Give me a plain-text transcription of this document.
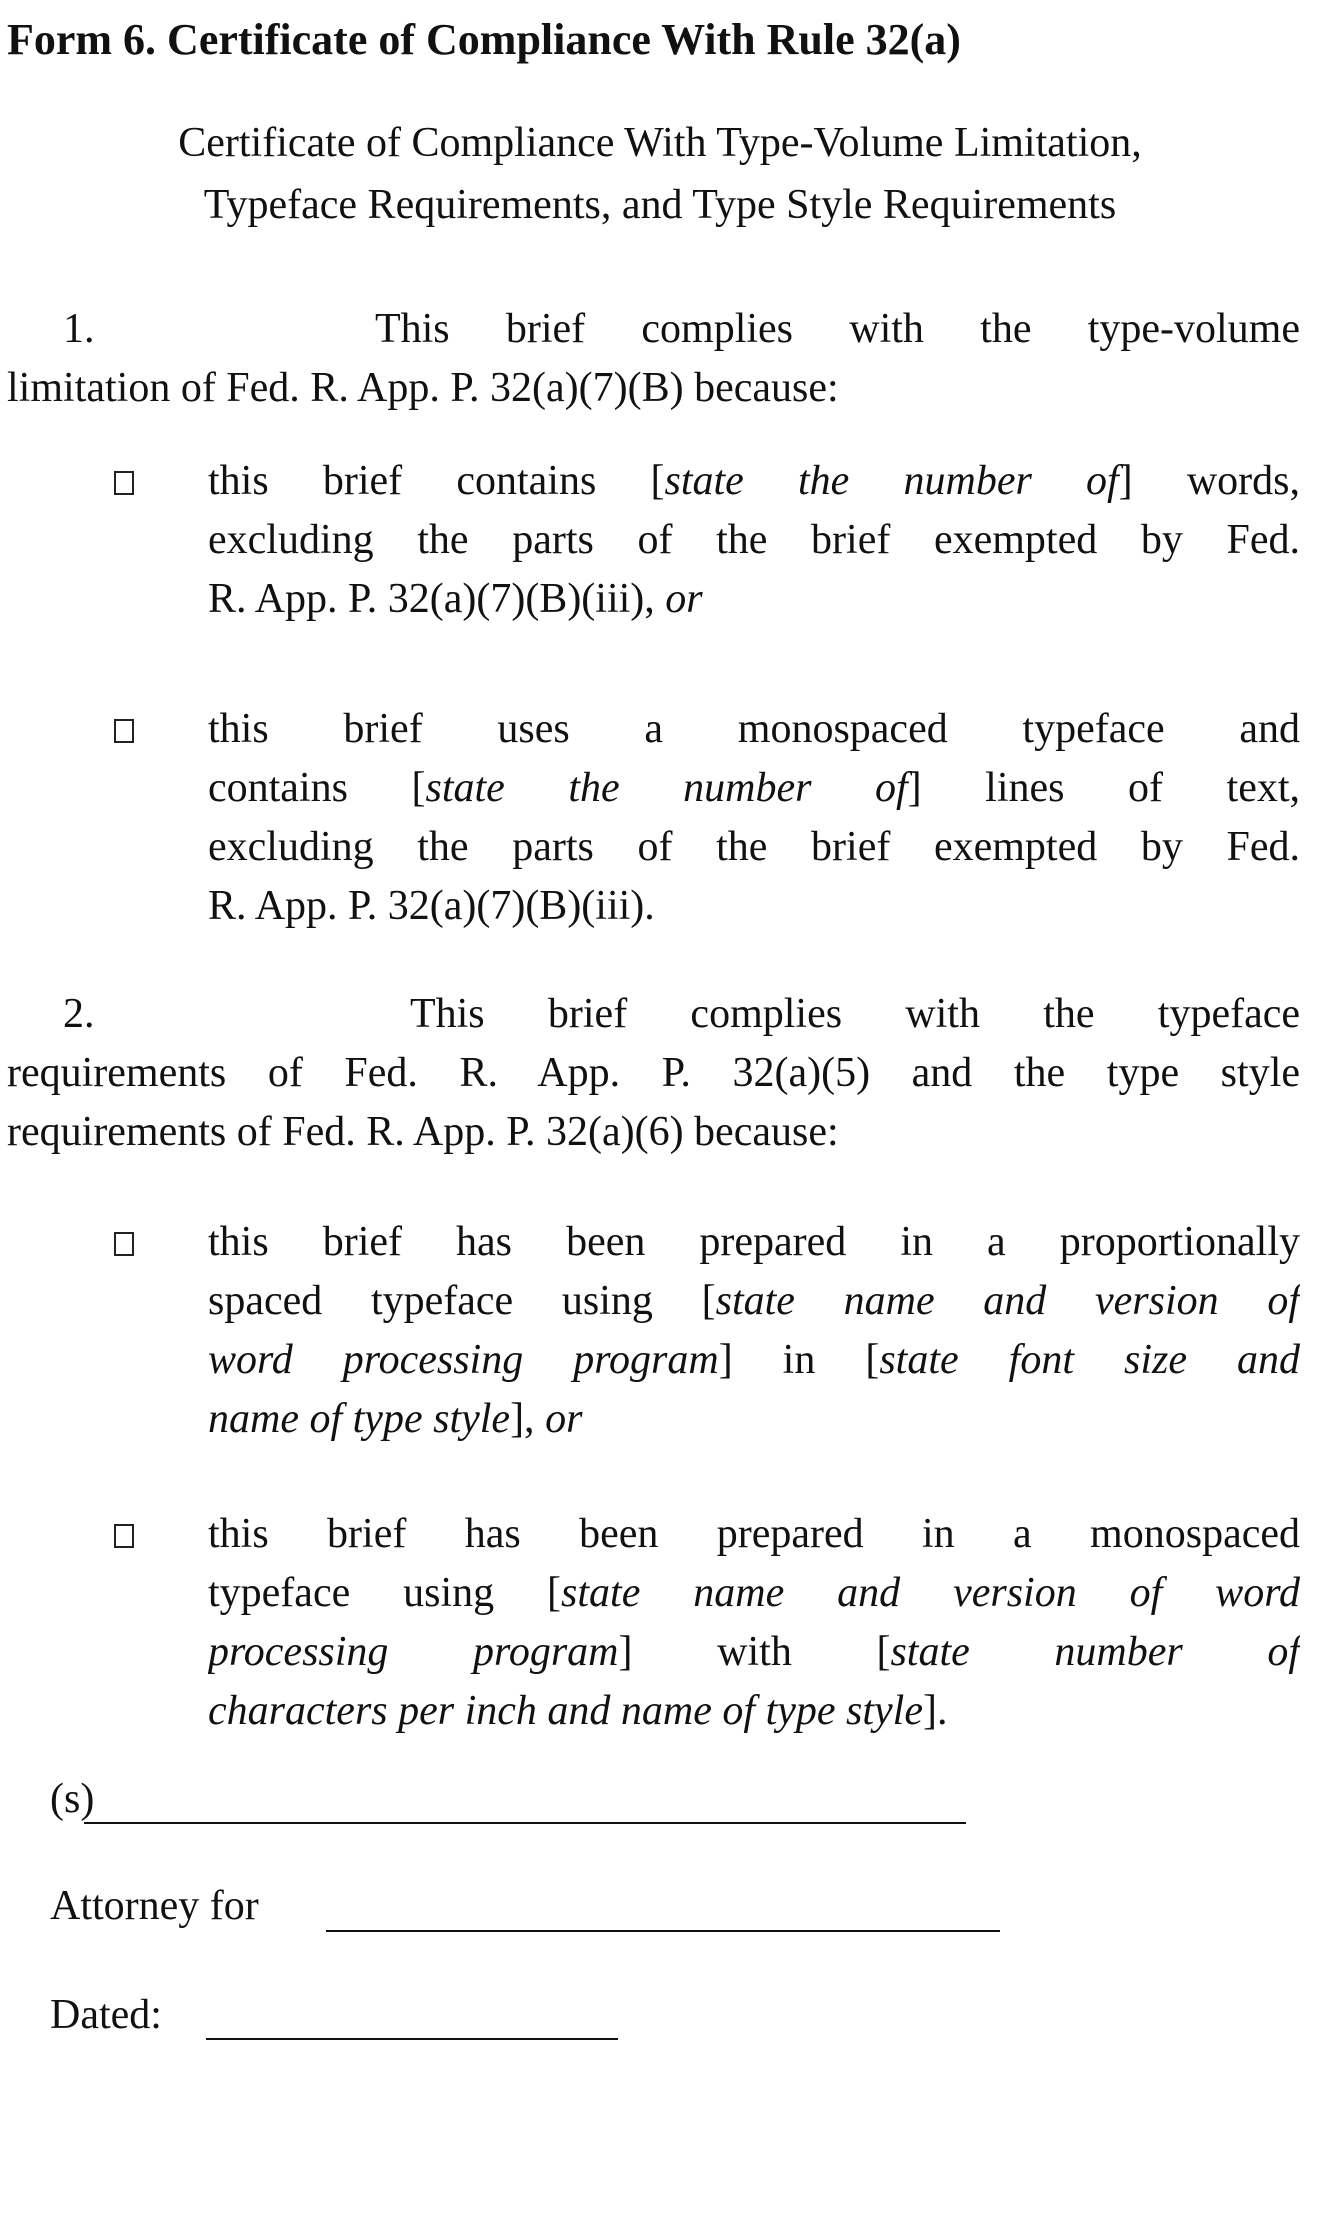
Form 6. Certificate of Compliance With Rule 32(a)
Certificate of Compliance With Type-Volume Limitation,
Typeface Requirements, and Type Style Requirements
1.     This brief complies with the type-volume
limitation of Fed. R. App. P. 32(a)(7)(B) because:
this brief contains [state the number of] words,
excluding the parts of the brief exempted by Fed.
R. App. P. 32(a)(7)(B)(iii), or
this brief uses a monospaced typeface and
contains [state the number of] lines of text,
excluding the parts of the brief exempted by Fed.
R. App. P. 32(a)(7)(B)(iii).
2.     This brief complies with the typeface
requirements of Fed. R. App. P. 32(a)(5) and the type style
requirements of Fed. R. App. P. 32(a)(6) because:
this brief has been prepared in a proportionally
spaced typeface using [state name and version of
word processing program] in [state font size and
name of type style], or
this brief has been prepared in a monospaced
typeface using [state name and version of word
processing program] with [state number of
characters per inch and name of type style].
(s)
Attorney for
Dated:
